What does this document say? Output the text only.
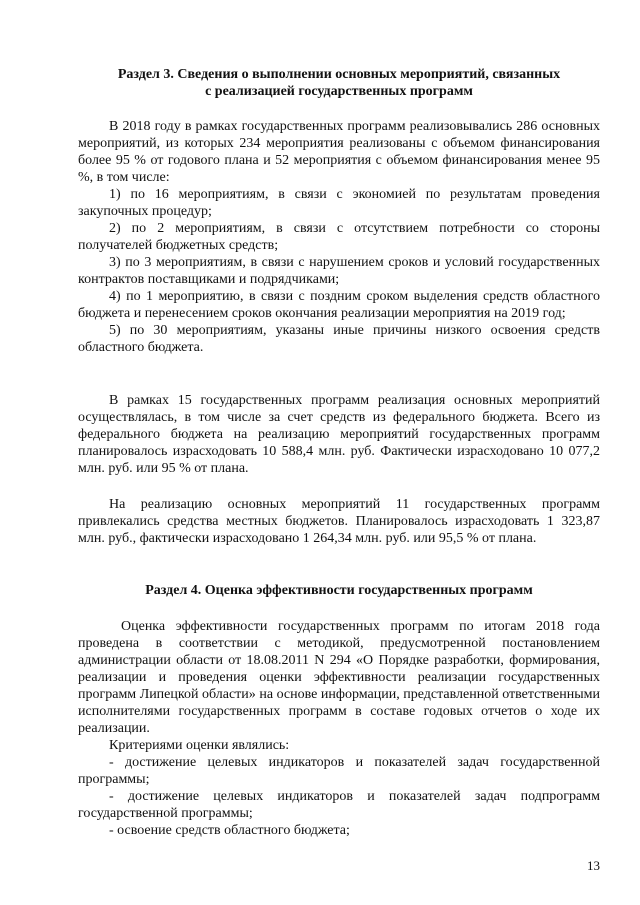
Раздел 3. Сведения о выполнении основных мероприятий, связанных
с реализацией государственных программ
В 2018 году в рамках государственных программ реализовывались 286 основных мероприятий, из которых 234 мероприятия реализованы с объемом финансирования более 95 % от годового плана и 52 мероприятия с объемом финансирования менее 95 %, в том числе:
1) по 16 мероприятиям, в связи с экономией по результатам проведения закупочных процедур;
2) по 2 мероприятиям, в связи с отсутствием потребности со стороны получателей бюджетных средств;
3) по 3 мероприятиям, в связи с нарушением сроков и условий государственных контрактов поставщиками и подрядчиками;
4) по 1 мероприятию, в связи с поздним сроком выделения средств областного бюджета и перенесением сроков окончания реализации мероприятия на 2019 год;
5) по 30 мероприятиям, указаны иные причины низкого освоения средств областного бюджета.
В рамках 15 государственных программ реализация основных мероприятий осуществлялась, в том числе за счет средств из федерального бюджета. Всего из федерального бюджета на реализацию мероприятий государственных программ планировалось израсходовать 10 588,4 млн. руб. Фактически израсходовано 10 077,2 млн. руб. или 95 % от плана.
На реализацию основных мероприятий 11 государственных программ привлекались средства местных бюджетов. Планировалось израсходовать 1 323,87 млн. руб., фактически израсходовано 1 264,34 млн. руб. или 95,5 % от плана.
Раздел 4. Оценка эффективности государственных программ
Оценка эффективности государственных программ по итогам 2018 года проведена в соответствии с методикой, предусмотренной постановлением администрации области от 18.08.2011 N 294 «О Порядке разработки, формирования, реализации и проведения оценки эффективности реализации государственных программ Липецкой области» на основе информации, представленной ответственными исполнителями государственных программ в составе годовых отчетов о ходе их реализации.
Критериями оценки являлись:
- достижение целевых индикаторов и показателей задач государственной программы;
- достижение целевых индикаторов и показателей задач подпрограмм государственной программы;
- освоение средств областного бюджета;
13
